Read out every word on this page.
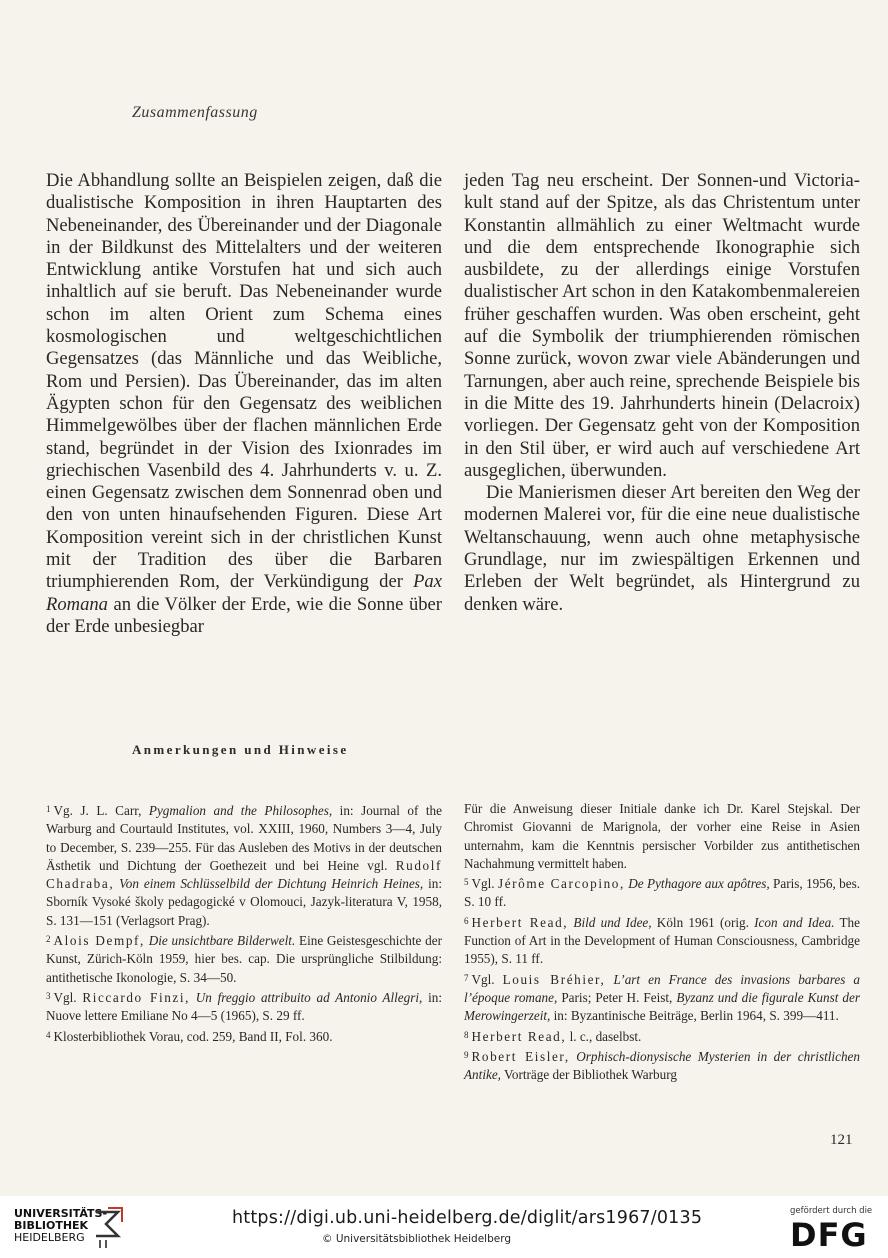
Zusammenfassung

Die Abhandlung sollte an Beispielen zeigen, daß die dualistische Komposition in ihren Hauptarten des Nebeneinander, des Übereinander und der Diagonale in der Bildkunst des Mittelalters und der weiteren Entwicklung antike Vorstufen hat und sich auch inhaltlich auf sie beruft. Das Nebeneinander wurde schon im alten Orient zum Schema eines kosmologischen und weltgeschichtlichen Gegensatzes (das Männliche und das Weibliche, Rom und Persien). Das Übereinander, das im alten Ägypten schon für den Gegensatz des weiblichen Himmelgewölbes über der flachen männlichen Erde stand, begründet in der Vision des Ixionrades im griechischen Vasenbild des 4. Jahrhunderts v. u. Z. einen Gegensatz zwischen dem Sonnenrad oben und den von unten hinaufsehenden Figuren. Diese Art Komposition vereint sich in der christlichen Kunst mit der Tradition des über die Barbaren triumphierenden Rom, der Verkündigung der Pax Romana an die Völker der Erde, wie die Sonne über der Erde unbesiegbar

jeden Tag neu erscheint. Der Sonnen-und Victoriakult stand auf der Spitze, als das Christentum unter Konstantin allmählich zu einer Weltmacht wurde und die dem entsprechende Ikonographie sich ausbildete, zu der allerdings einige Vorstufen dualistischer Art schon in den Katakombenmalereien früher geschaffen wurden. Was oben erscheint, geht auf die Symbolik der triumphierenden römischen Sonne zurück, wovon zwar viele Abänderungen und Tarnungen, aber auch reine, sprechende Beispiele bis in die Mitte des 19. Jahrhunderts hinein (Delacroix) vorliegen. Der Gegensatz geht von der Komposition in den Stil über, er wird auch auf verschiedene Art ausgeglichen, überwunden.

Die Manierismen dieser Art bereiten den Weg der modernen Malerei vor, für die eine neue dualistische Weltanschauung, wenn auch ohne metaphysische Grundlage, nur im zwiespältigen Erkennen und Erleben der Welt begründet, als Hintergrund zu denken wäre.

Anmerkungen und Hinweise

$^1$ Vg. J. L. Carr, Pygmalion and the Philosophes, in: Journal of the Warburg and Courtauld Institutes, vol. XXIII, 1960, Numbers 3—4, July to December, S. 239—255. Für das Ausleben des Motivs in der deutschen Ästhetik und Dichtung der Goethezeit und bei Heine vgl. Rudolf Chadraba, Von einem Schlüsselbild der Dichtung Heinrich Heines, in: Sborník Vysoké školy pedagogické v Olomouci, Jazyk-literatura V, 1958, S. 131—151 (Verlagsort Prag).

$^2$ Alois Dempf, Die unsichtbare Bilderwelt. Eine Geistesgeschichte der Kunst, Zürich-Köln 1959, hier bes. cap. Die ursprüngliche Stilbildung: antithetische Ikonologie, S. 34—50.

$^3$ Vgl. Riccardo Finzi, Un freggio attribuito ad Antonio Allegri, in: Nuove lettere Emiliane No 4—5 (1965), S. 29 ff.

$^4$ Klosterbibliothek Vorau, cod. 259, Band II, Fol. 360.

Für die Anweisung dieser Initiale danke ich Dr. Karel Stejskal. Der Chromist Giovanni de Marignola, der vorher eine Reise in Asien unternahm, kam die Kenntnis persischer Vorbilder zus antithetischen Nachahmung vermittelt haben.

$^5$ Vgl. Jérôme Carcopino, De Pythagore aux apôtres, Paris, 1956, bes. S. 10 ff.

$^6$ Herbert Read, Bild und Idee, Köln 1961 (orig. Icon and Idea. The Function of Art in the Development of Human Consciousness, Cambridge 1955), S. 11 ff.

$^7$ Vgl. Louis Bréhier, L’art en France des invasions barbares a l’époque romane, Paris; Peter H. Feist, Byzanz und die figurale Kunst der Merowingerzeit, in: Byzantinische Beiträge, Berlin 1964, S. 399—411.

$^8$ Herbert Read, l. c., daselbst.

$^9$ Robert Eisler, Orphisch-dionysische Mysterien in der christlichen Antike, Vorträge der Bibliothek Warburg

121
UNIVERSITÄTS-
BIBLIOTHEK
HEIDELBERG
https://digi.ub.uni-heidelberg.de/diglit/ars1967/0135
© Universitätsbibliothek Heidelberg
gefördert durch die
DFG
